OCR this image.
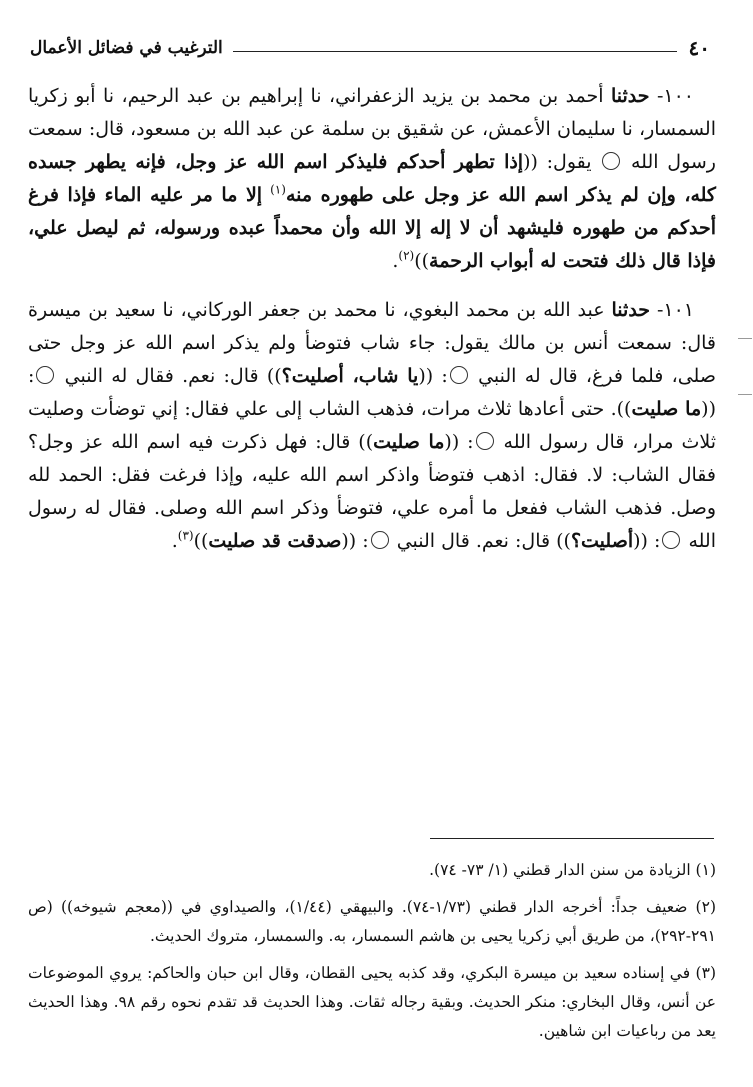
٤٠
الترغيب في فضائل الأعمال

١٠٠- حدثنا أحمد بن محمد بن يزيد الزعفراني، نا إبراهيم بن عبد الرحيم، نا أبو زكريا السمسار، نا سليمان الأعمش، عن شقيق بن سلمة عن عبد الله بن مسعود، قال: سمعت رسول الله  يقول: ((إذا تطهر أحدكم فليذكر اسم الله عز وجل، فإنه يطهر جسده كله، وإن لم يذكر اسم الله عز وجل على طهوره منه$^{(١)}$ إلا ما مر عليه الماء فإذا فرغ أحدكم من طهوره فليشهد أن لا إله إلا الله وأن محمداً عبده ورسوله، ثم ليصل علي، فإذا قال ذلك فتحت له أبواب الرحمة))$^{(٢)}$.

١٠١- حدثنا عبد الله بن محمد البغوي، نا محمد بن جعفر الوركاني، نا سعيد بن ميسرة قال: سمعت أنس بن مالك يقول: جاء شاب فتوضأ ولم يذكر اسم الله عز وجل حتى صلى، فلما فرغ، قال له النبي : ((يا شاب، أصليت؟)) قال: نعم. فقال له النبي : ((ما صليت)). حتى أعادها ثلاث مرات، فذهب الشاب إلى علي فقال: إني توضأت وصليت ثلاث مرار، قال رسول الله : ((ما صليت)) قال: فهل ذكرت فيه اسم الله عز وجل؟ فقال الشاب: لا. فقال: اذهب فتوضأ واذكر اسم الله عليه، وإذا فرغت فقل: الحمد لله وصل. فذهب الشاب ففعل ما أمره علي، فتوضأ وذكر اسم الله وصلى. فقال له رسول الله : ((أصليت؟)) قال: نعم. قال النبي : ((صدقت قد صليت))$^{(٣)}$.

(١) الزيادة من سنن الدار قطني (١/ ٧٣- ٧٤).

(٢) ضعيف جداً: أخرجه الدار قطني (١/٧٣-٧٤). والبيهقي (١/٤٤)، والصيداوي في ((معجم شيوخه)) (ص ٢٩١-٢٩٢)، من طريق أبي زكريا يحيى بن هاشم السمسار، به. والسمسار، متروك الحديث.

(٣) في إسناده سعيد بن ميسرة البكري، وقد كذبه يحيى القطان، وقال ابن حبان والحاكم: يروي الموضوعات عن أنس، وقال البخاري: منكر الحديث. وبقية رجاله ثقات. وهذا الحديث قد تقدم نحوه رقم ٩٨. وهذا الحديث يعد من رباعيات ابن شاهين.
